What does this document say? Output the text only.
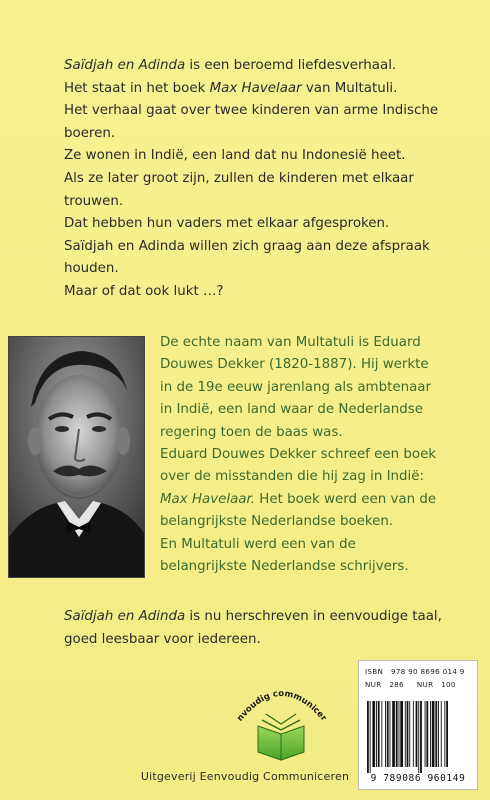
Saïdjah en Adinda is een beroemd liefdesverhaal.

Het staat in het boek Max Havelaar van Multatuli.

Het verhaal gaat over twee kinderen van arme Indische

boeren.

Ze wonen in Indië, een land dat nu Indonesië heet.

Als ze later groot zijn, zullen de kinderen met elkaar

trouwen.

Dat hebben hun vaders met elkaar afgesproken.

Saïdjah en Adinda willen zich graag aan deze afspraak

houden.

Maar of dat ook lukt …?

De echte naam van Multatuli is Eduard

Douwes Dekker (1820-1887). Hij werkte

in de 19e eeuw jarenlang als ambtenaar

in Indië, een land waar de Nederlandse

regering toen de baas was.

Eduard Douwes Dekker schreef een boek

over de misstanden die hij zag in Indië:

Max Havelaar. Het boek werd een van de

belangrijkste Nederlandse boeken.

En Multatuli werd een van de

belangrijkste Nederlandse schrijvers.

Saïdjah en Adinda is nu herschreven in eenvoudige taal,

goed leesbaar voor iedereen.

nvoudig communice
ISBN 978 90 8696 014 9
NUR 286 NUR 100
9 789086 960149
Uitgeverij Eenvoudig Communiceren
